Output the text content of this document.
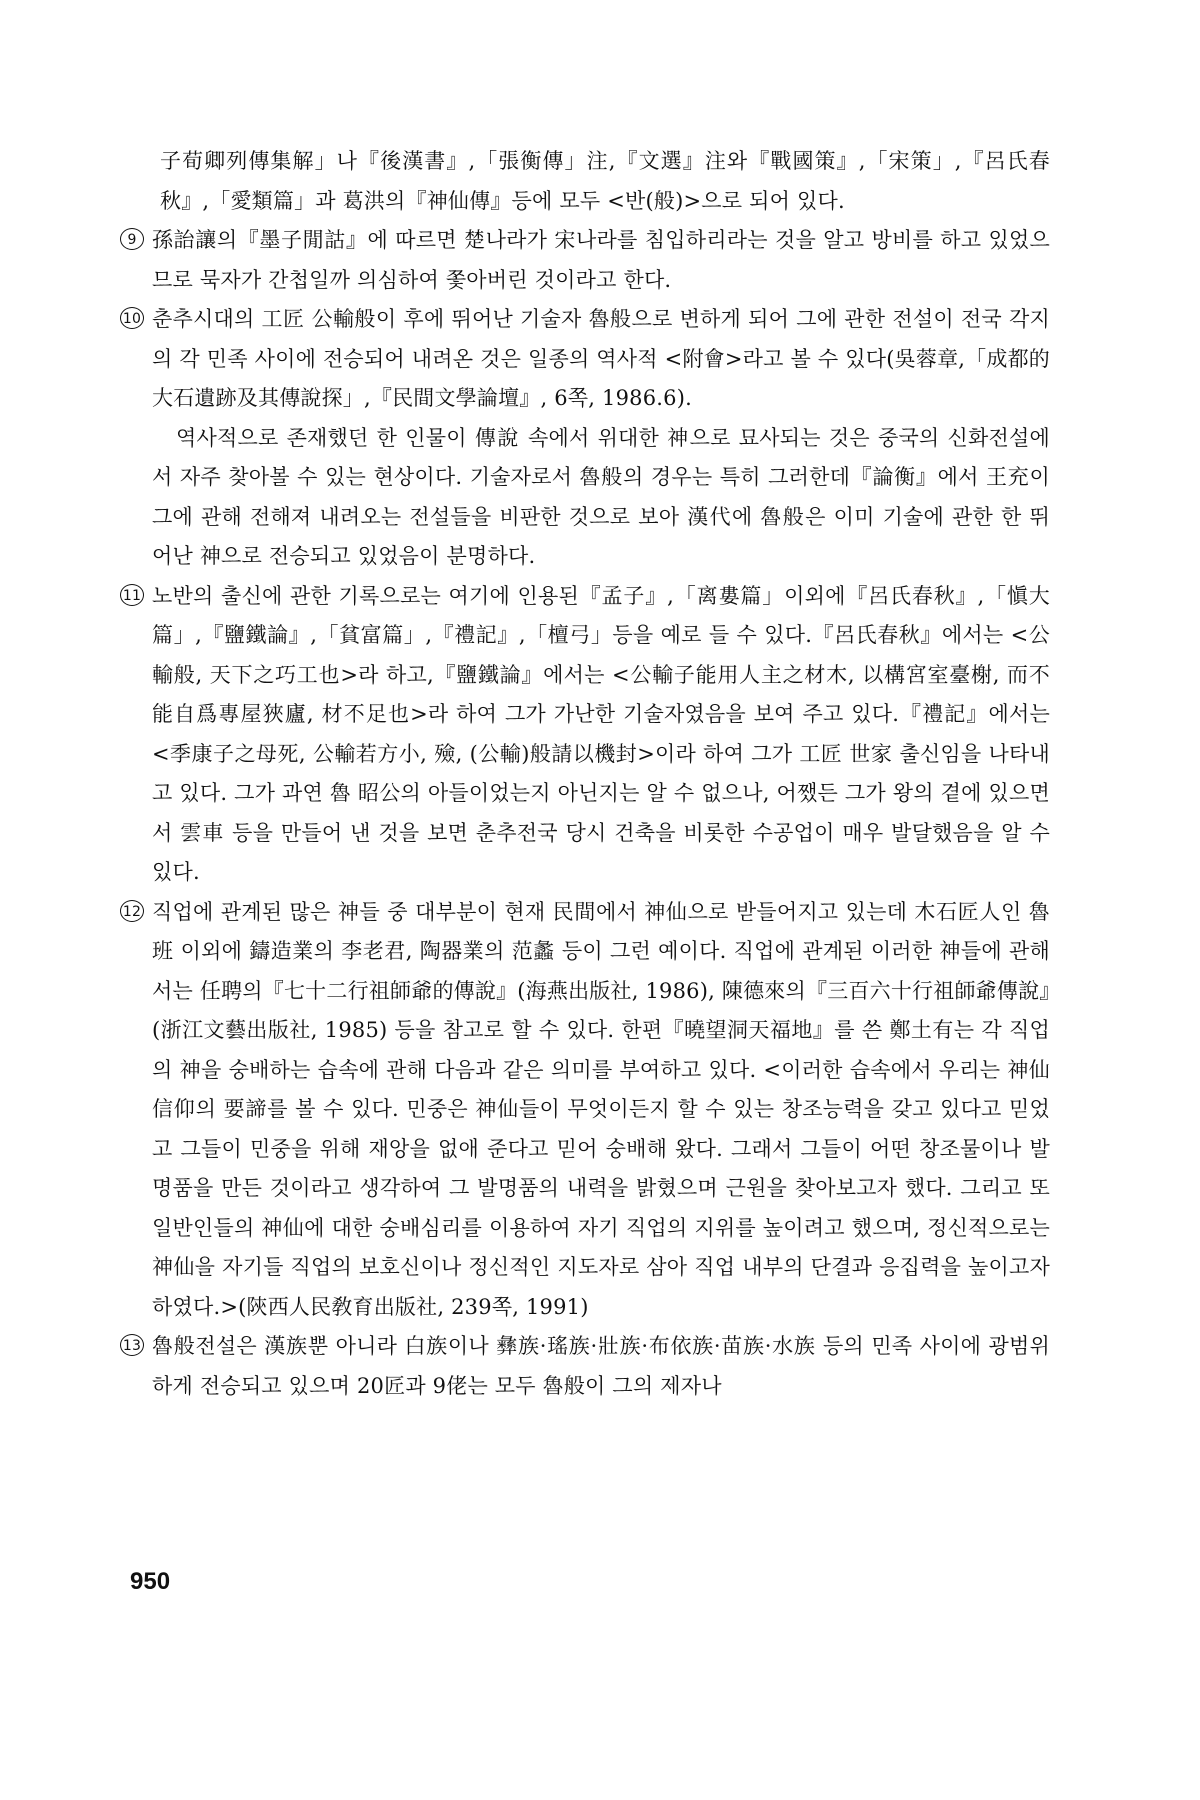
子荀卿列傳集解」나『後漢書』,「張衡傳」注,『文選』注와『戰國策』,「宋策」,『呂氏春秋』,「愛類篇」과 葛洪의『神仙傳』등에 모두 <반(般)>으로 되어 있다.
9 孫詒讓의『墨子閒詁』에 따르면 楚나라가 宋나라를 침입하리라는 것을 알고 방비를 하고 있었으므로 묵자가 간첩일까 의심하여 쫓아버린 것이라고 한다.
10 춘추시대의 工匠 公輸般이 후에 뛰어난 기술자 魯般으로 변하게 되어 그에 관한 전설이 전국 각지의 각 민족 사이에 전승되어 내려온 것은 일종의 역사적 <附會>라고 볼 수 있다(吳蓉章,「成都的大石遺跡及其傳說探」,『民間文學論壇』, 6쪽, 1986.6).
역사적으로 존재했던 한 인물이 傳說 속에서 위대한 神으로 묘사되는 것은 중국의 신화전설에서 자주 찾아볼 수 있는 현상이다. 기술자로서 魯般의 경우는 특히 그러한데『論衡』에서 王充이 그에 관해 전해져 내려오는 전설들을 비판한 것으로 보아 漢代에 魯般은 이미 기술에 관한 한 뛰어난 神으로 전승되고 있었음이 분명하다.
11 노반의 출신에 관한 기록으로는 여기에 인용된『孟子』,「离婁篇」이외에『呂氏春秋』,「愼大篇」,『鹽鐵論』,「貧富篇」,『禮記』,「檀弓」등을 예로 들 수 있다.『呂氏春秋』에서는 <公輸般, 天下之巧工也>라 하고,『鹽鐵論』에서는 <公輸子能用人主之材木, 以構宮室臺榭, 而不能自爲專屋狹廬, 材不足也>라 하여 그가 가난한 기술자였음을 보여 주고 있다.『禮記』에서는 <季康子之母死, 公輸若方小, 殮, (公輸)般請以機封>이라 하여 그가 工匠 世家 출신임을 나타내고 있다. 그가 과연 魯 昭公의 아들이었는지 아닌지는 알 수 없으나, 어쨌든 그가 왕의 곁에 있으면서 雲車 등을 만들어 낸 것을 보면 춘추전국 당시 건축을 비롯한 수공업이 매우 발달했음을 알 수 있다.
12 직업에 관계된 많은 神들 중 대부분이 현재 民間에서 神仙으로 받들어지고 있는데 木石匠人인 魯班 이외에 鑄造業의 李老君, 陶器業의 范蠡 등이 그런 예이다. 직업에 관계된 이러한 神들에 관해서는 任聘의『七十二行祖師爺的傳說』(海燕出版社, 1986), 陳德來의『三百六十行祖師爺傳說』(浙江文藝出版社, 1985) 등을 참고로 할 수 있다. 한편『曉望洞天福地』를 쓴 鄭土有는 각 직업의 神을 숭배하는 습속에 관해 다음과 같은 의미를 부여하고 있다. <이러한 습속에서 우리는 神仙信仰의 要諦를 볼 수 있다. 민중은 神仙들이 무엇이든지 할 수 있는 창조능력을 갖고 있다고 믿었고 그들이 민중을 위해 재앙을 없애 준다고 믿어 숭배해 왔다. 그래서 그들이 어떤 창조물이나 발명품을 만든 것이라고 생각하여 그 발명품의 내력을 밝혔으며 근원을 찾아보고자 했다. 그리고 또 일반인들의 神仙에 대한 숭배심리를 이용하여 자기 직업의 지위를 높이려고 했으며, 정신적으로는 神仙을 자기들 직업의 보호신이나 정신적인 지도자로 삼아 직업 내부의 단결과 응집력을 높이고자 하였다.>(陝西人民敎育出版社, 239쪽, 1991)
13 魯般전설은 漢族뿐 아니라 白族이나 彝族·瑤族·壯族·布依族·苗族·水族 등의 민족 사이에 광범위하게 전승되고 있으며 20匠과 9佬는 모두 魯般이 그의 제자나
950
